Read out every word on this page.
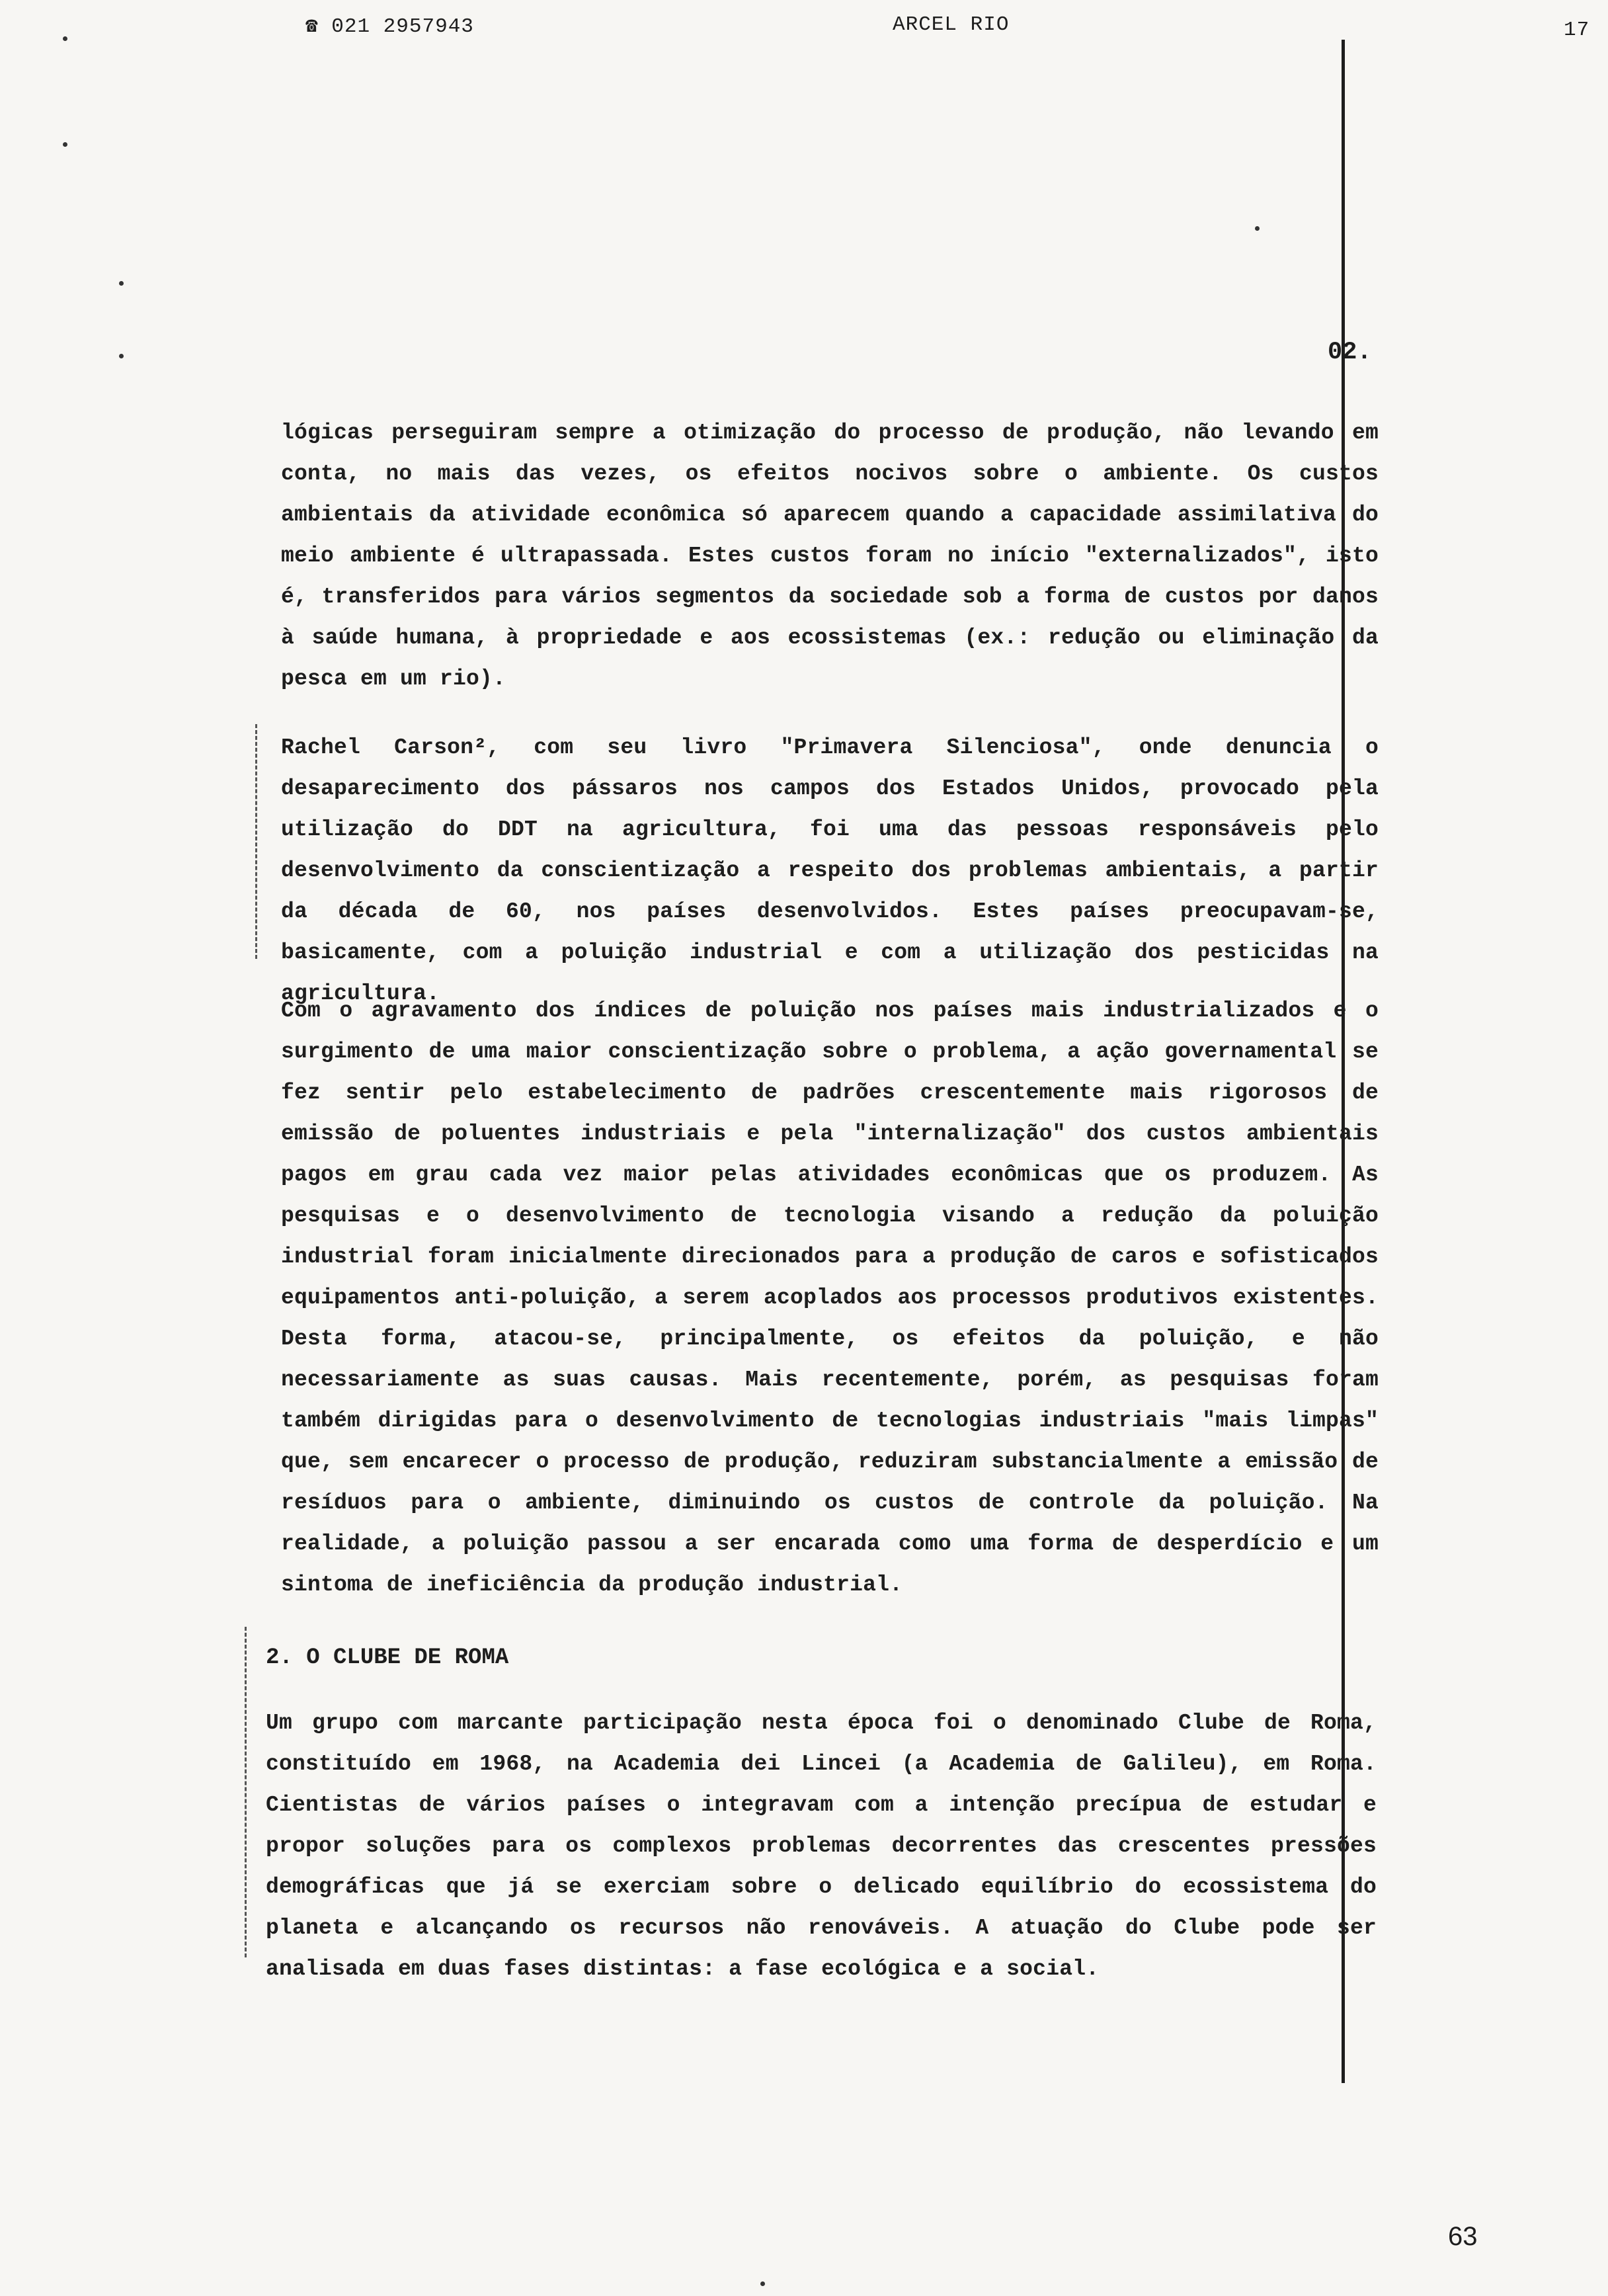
☎ 021 2957943	ARCEL RIO	17
02.
lógicas perseguiram sempre a otimização do processo de produção, não levando em conta, no mais das vezes, os efeitos nocivos sobre o ambiente. Os custos ambientais da atividade econômica só aparecem quando a capacidade assimilativa do meio ambiente é ultrapassada. Estes custos foram no início "externalizados", isto é, transferidos para vários segmentos da sociedade sob a forma de custos por danos à saúde humana, à propriedade e aos ecossistemas (ex.: redução ou eliminação da pesca em um rio).
Rachel Carson², com seu livro "Primavera Silenciosa", onde denuncia o desaparecimento dos pássaros nos campos dos Estados Unidos, provocado pela utilização do DDT na agricultura, foi uma das pessoas responsáveis pelo desenvolvimento da conscientização a respeito dos problemas ambientais, a partir da década de 60, nos países desenvolvidos. Estes países preocupavam-se, basicamente, com a poluição industrial e com a utilização dos pesticidas na agricultura.
Com o agravamento dos índices de poluição nos países mais industrializados e o surgimento de uma maior conscientização sobre o problema, a ação governamental se fez sentir pelo estabelecimento de padrões crescentemente mais rigorosos de emissão de poluentes industriais e pela "internalização" dos custos ambientais pagos em grau cada vez maior pelas atividades econômicas que os produzem. As pesquisas e o desenvolvimento de tecnologia visando a redução da poluição industrial foram inicialmente direcionados para a produção de caros e sofisticados equipamentos anti-poluição, a serem acoplados aos processos produtivos existentes. Desta forma, atacou-se, principalmente, os efeitos da poluição, e não necessariamente as suas causas. Mais recentemente, porém, as pesquisas foram também dirigidas para o desenvolvimento de tecnologias industriais "mais limpas" que, sem encarecer o processo de produção, reduziram substancialmente a emissão de resíduos para o ambiente, diminuindo os custos de controle da poluição. Na realidade, a poluição passou a ser encarada como uma forma de desperdício e um sintoma de ineficiência da produção industrial.
2. O CLUBE DE ROMA
Um grupo com marcante participação nesta época foi o denominado Clube de Roma, constituído em 1968, na Academia dei Lincei (a Academia de Galileu), em Roma. Cientistas de vários países o integravam com a intenção precípua de estudar e propor soluções para os complexos problemas decorrentes das crescentes pressões demográficas que já se exerciam sobre o delicado equilíbrio do ecossistema do planeta e alcançando os recursos não renováveis. A atuação do Clube pode ser analisada em duas fases distintas: a fase ecológica e a social.
63
